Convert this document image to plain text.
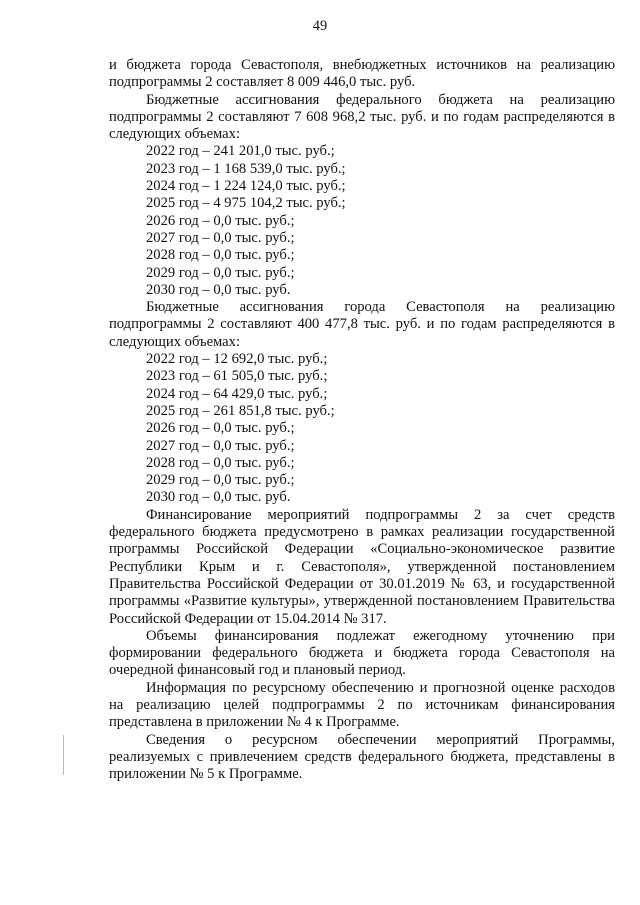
49

и бюджета города Севастополя, внебюджетных источников на реализацию подпрограммы 2 составляет 8 009 446,0 тыс. руб.

Бюджетные ассигнования федерального бюджета на реализацию подпрограммы 2 составляют 7 608 968,2 тыс. руб. и по годам распределяются в следующих объемах:

2022 год – 241 201,0 тыс. руб.;
2023 год – 1 168 539,0 тыс. руб.;
2024 год – 1 224 124,0 тыс. руб.;
2025 год – 4 975 104,2 тыс. руб.;
2026 год – 0,0 тыс. руб.;
2027 год – 0,0 тыс. руб.;
2028 год – 0,0 тыс. руб.;
2029 год – 0,0 тыс. руб.;
2030 год – 0,0 тыс. руб.

Бюджетные ассигнования города Севастополя на реализацию подпрограммы 2 составляют 400 477,8 тыс. руб. и по годам распределяются в следующих объемах:

2022 год – 12 692,0 тыс. руб.;
2023 год – 61 505,0 тыс. руб.;
2024 год – 64 429,0 тыс. руб.;
2025 год – 261 851,8 тыс. руб.;
2026 год – 0,0 тыс. руб.;
2027 год – 0,0 тыс. руб.;
2028 год – 0,0 тыс. руб.;
2029 год – 0,0 тыс. руб.;
2030 год – 0,0 тыс. руб.

Финансирование мероприятий подпрограммы 2 за счет средств федерального бюджета предусмотрено в рамках реализации государственной программы Российской Федерации «Социально-экономическое развитие Республики Крым и г. Севастополя», утвержденной постановлением Правительства Российской Федерации от 30.01.2019 № 63, и государственной программы «Развитие культуры», утвержденной постановлением Правительства Российской Федерации от 15.04.2014 № 317.

Объемы финансирования подлежат ежегодному уточнению при формировании федерального бюджета и бюджета города Севастополя на очередной финансовый год и плановый период.

Информация по ресурсному обеспечению и прогнозной оценке расходов на реализацию целей подпрограммы 2 по источникам финансирования представлена в приложении № 4 к Программе.

Сведения о ресурсном обеспечении мероприятий Программы, реализуемых с привлечением средств федерального бюджета, представлены в приложении № 5 к Программе.
